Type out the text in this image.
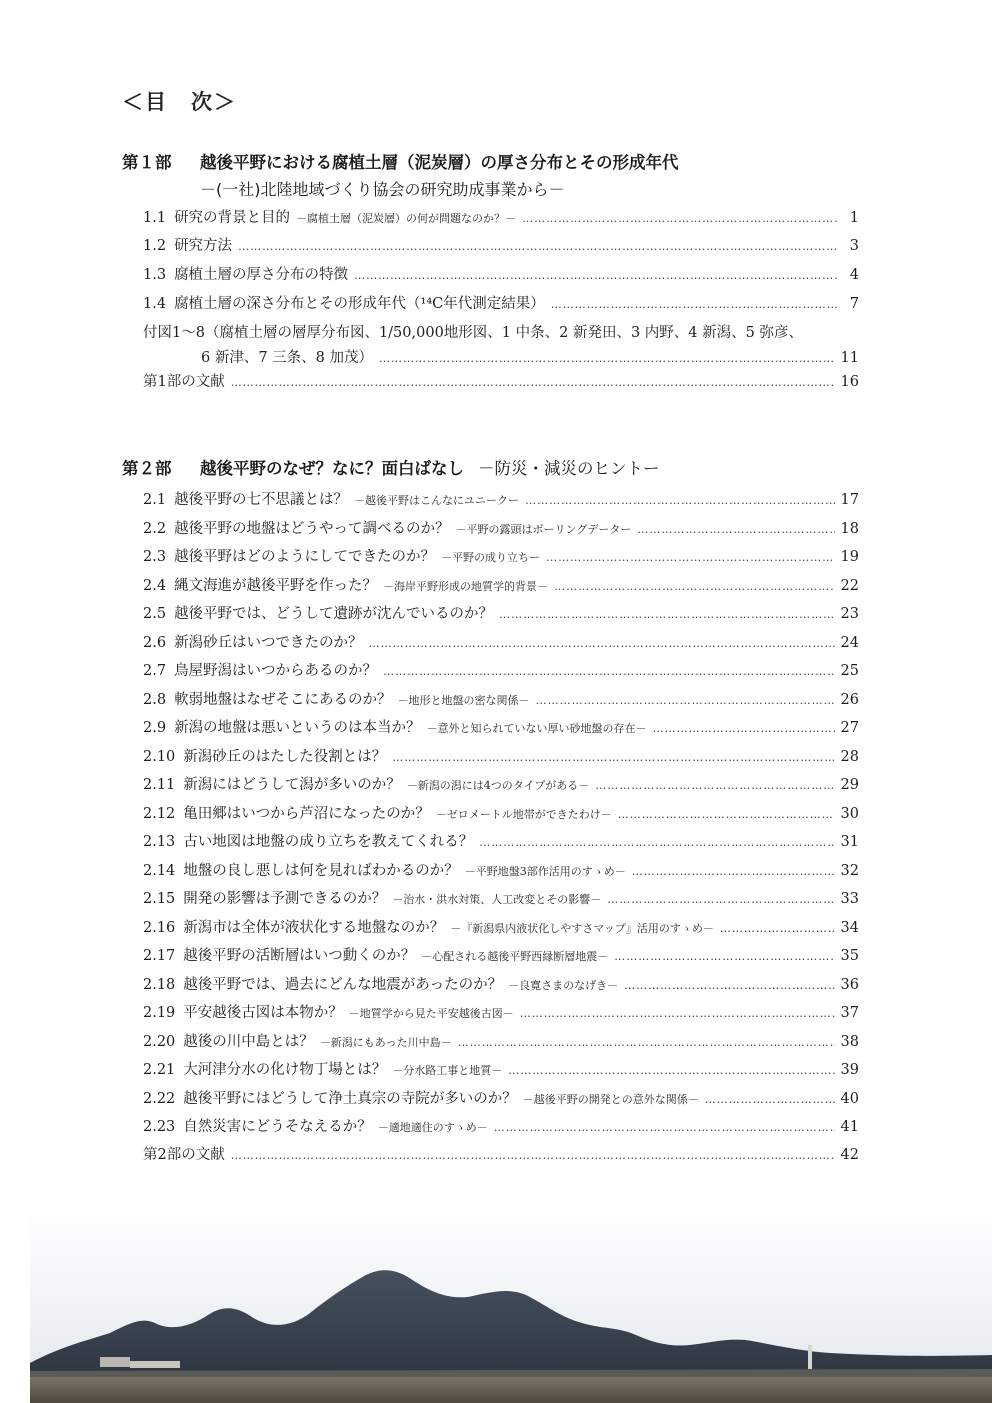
＜目　次＞
第１部 越後平野における腐植土層（泥炭層）の厚さ分布とその形成年代
－(一社)北陸地域づくり協会の研究助成事業から－
1.1 研究の背景と目的 －腐植土層（泥炭層）の何が問題なのか？－ …………………………………………………………………………………………………………………………………………………………………………………………	1
1.2 研究方法 …………………………………………………………………………………………………………………………………………………………………………………………	3
1.3 腐植土層の厚さ分布の特徴 …………………………………………………………………………………………………………………………………………………………………………………………	4
1.4 腐植土層の深さ分布とその形成年代（¹⁴C年代測定結果） …………………………………………………………………………………………………………………………………………………………………………………………	7
付図1～8（腐植土層の層厚分布図、1/50,000地形図、1 中条、2 新発田、3 内野、4 新潟、5 弥彦、
6 新津、7 三条、8 加茂） …………………………………………………………………………………………………………………………………………………………………	11
第1部の文献 …………………………………………………………………………………………………………………………………………………………………………………………	16
第２部 越後平野のなぜ？なに？面白ばなし －防災・減災のヒントー
2.1 越後平野の七不思議とは？ －越後平野はこんなにユニークー …………………………………………………………………………………………………………………………………………………………………………………………	17
2.2 越後平野の地盤はどうやって調べるのか？ －平野の露頭はボーリングデーター …………………………………………………………………………………………………………………………………………………………………………………………	18
2.3 越後平野はどのようにしてできたのか？ －平野の成り立ちー …………………………………………………………………………………………………………………………………………………………………………………………	19
2.4 縄文海進が越後平野を作った？ －海岸平野形成の地質学的背景－ …………………………………………………………………………………………………………………………………………………………………………………………	22
2.5 越後平野では、どうして遺跡が沈んでいるのか？ …………………………………………………………………………………………………………………………………………………………………………………………	23
2.6 新潟砂丘はいつできたのか？ …………………………………………………………………………………………………………………………………………………………………………………………	24
2.7 鳥屋野潟はいつからあるのか？ …………………………………………………………………………………………………………………………………………………………………………………………	25
2.8 軟弱地盤はなぜそこにあるのか？ －地形と地盤の密な関係－ …………………………………………………………………………………………………………………………………………………………………………………………	26
2.9 新潟の地盤は悪いというのは本当か？ －意外と知られていない厚い砂地盤の存在－ …………………………………………………………………………………………………………………………………………………………………………………………	27
2.10 新潟砂丘のはたした役割とは？ …………………………………………………………………………………………………………………………………………………………………………………………	28
2.11 新潟にはどうして潟が多いのか？ －新潟の潟には4つのタイプがある－ …………………………………………………………………………………………………………………………………………………………………………………………	29
2.12 亀田郷はいつから芦沼になったのか？ －ゼロメートル地帯ができたわけ－ …………………………………………………………………………………………………………………………………………………………………………………………	30
2.13 古い地図は地盤の成り立ちを教えてくれる？ …………………………………………………………………………………………………………………………………………………………………………………………	31
2.14 地盤の良し悪しは何を見ればわかるのか？ －平野地盤3部作活用のすゝめ－ …………………………………………………………………………………………………………………………………………………………………………………………	32
2.15 開発の影響は予測できるのか？ －治水・洪水対策、人工改変とその影響－ …………………………………………………………………………………………………………………………………………………………………………………………	33
2.16 新潟市は全体が液状化する地盤なのか？ －『新潟県内液状化しやすさマップ』活用のすゝめ－ …………………………………………………………………………………………………………………………………………………………………………………………	34
2.17 越後平野の活断層はいつ動くのか？ －心配される越後平野西縁断層地震－ …………………………………………………………………………………………………………………………………………………………………………………………	35
2.18 越後平野では、過去にどんな地震があったのか？ －良寛さまのなげき－ …………………………………………………………………………………………………………………………………………………………………………………………	36
2.19 平安越後古図は本物か？ －地質学から見た平安越後古図－ …………………………………………………………………………………………………………………………………………………………………………………………	37
2.20 越後の川中島とは？ －新潟にもあった川中島－ …………………………………………………………………………………………………………………………………………………………………………………………	38
2.21 大河津分水の化け物丁場とは？ －分水路工事と地質－ …………………………………………………………………………………………………………………………………………………………………………………………	39
2.22 越後平野にはどうして浄土真宗の寺院が多いのか？ －越後平野の開発との意外な関係－ …………………………………………………………………………………………………………………………………………………………………………………………	40
2.23 自然災害にどうそなえるか？ －適地適住のすゝめ－ …………………………………………………………………………………………………………………………………………………………………………………………	41
第2部の文献 …………………………………………………………………………………………………………………………………………………………………………………………	42
